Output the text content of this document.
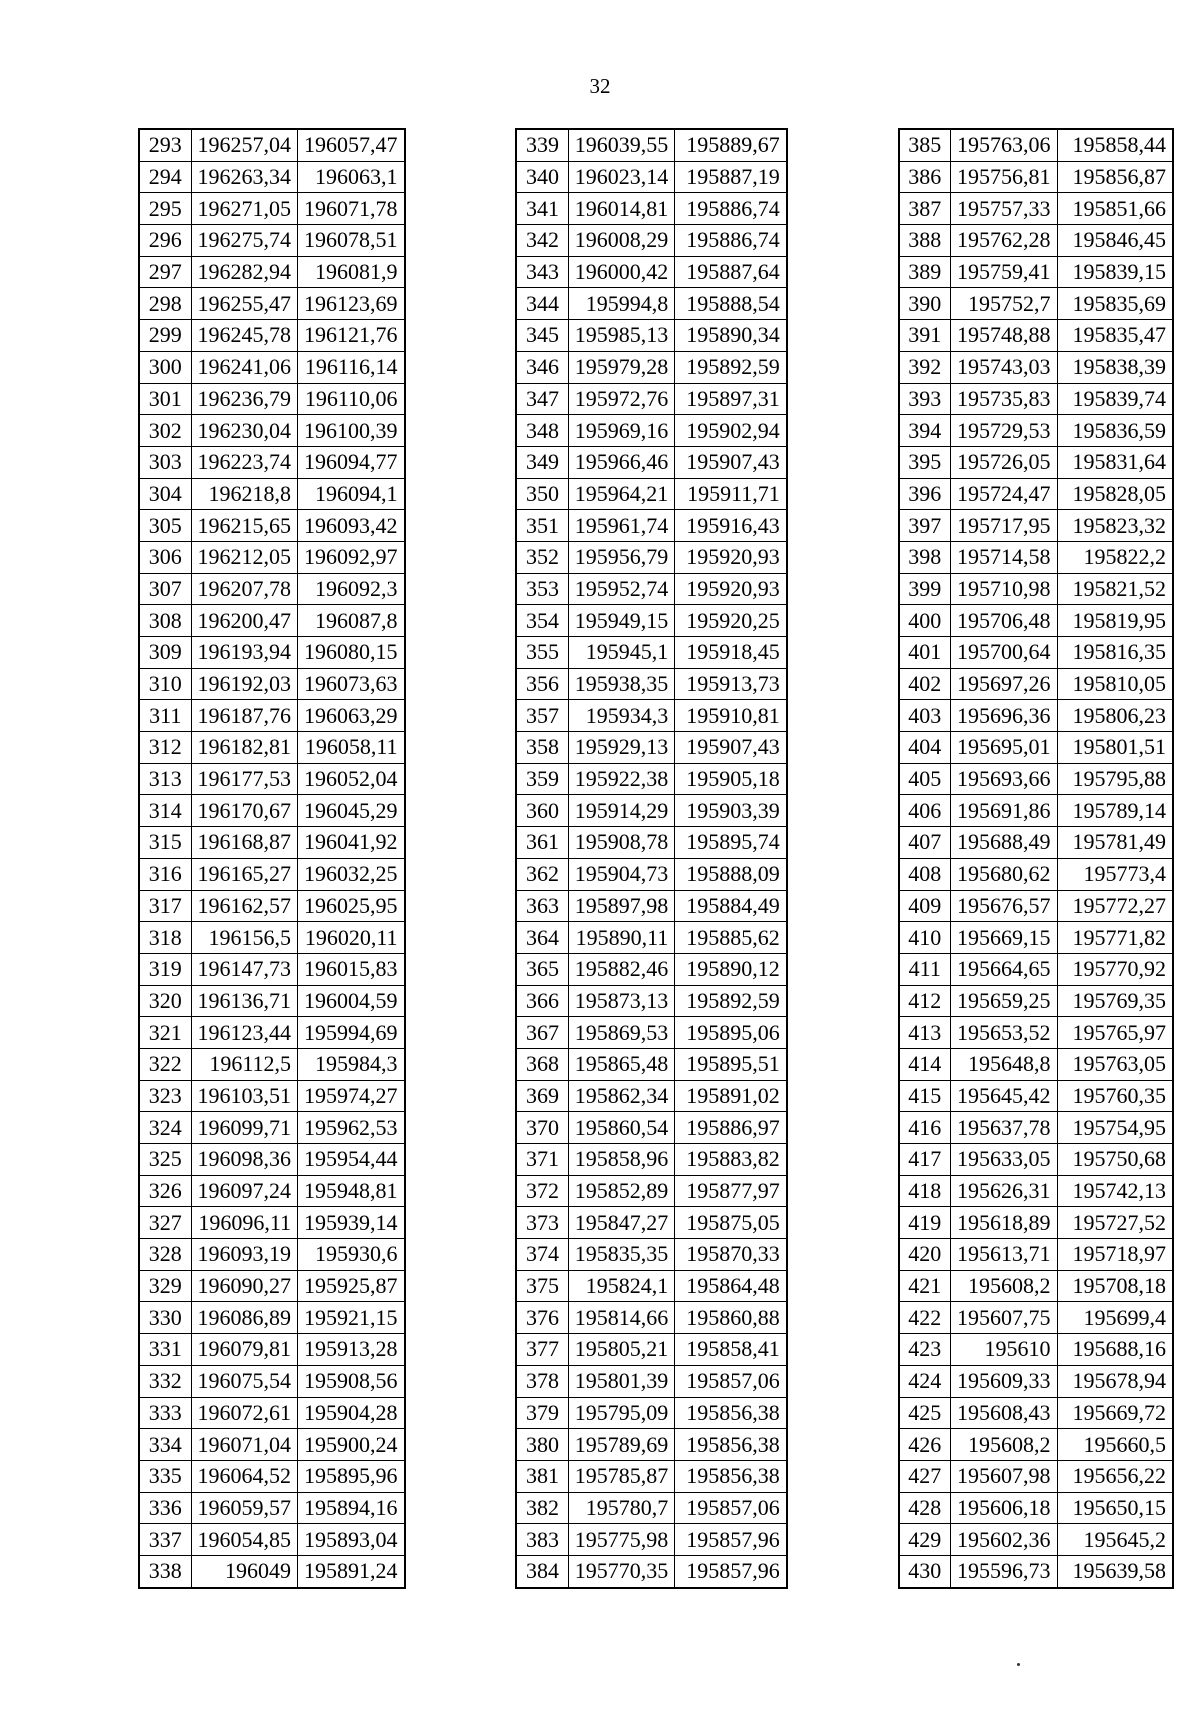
32
293	196257,04	196057,47
294	196263,34	196063,1
295	196271,05	196071,78
296	196275,74	196078,51
297	196282,94	196081,9
298	196255,47	196123,69
299	196245,78	196121,76
300	196241,06	196116,14
301	196236,79	196110,06
302	196230,04	196100,39
303	196223,74	196094,77
304	196218,8	196094,1
305	196215,65	196093,42
306	196212,05	196092,97
307	196207,78	196092,3
308	196200,47	196087,8
309	196193,94	196080,15
310	196192,03	196073,63
311	196187,76	196063,29
312	196182,81	196058,11
313	196177,53	196052,04
314	196170,67	196045,29
315	196168,87	196041,92
316	196165,27	196032,25
317	196162,57	196025,95
318	196156,5	196020,11
319	196147,73	196015,83
320	196136,71	196004,59
321	196123,44	195994,69
322	196112,5	195984,3
323	196103,51	195974,27
324	196099,71	195962,53
325	196098,36	195954,44
326	196097,24	195948,81
327	196096,11	195939,14
328	196093,19	195930,6
329	196090,27	195925,87
330	196086,89	195921,15
331	196079,81	195913,28
332	196075,54	195908,56
333	196072,61	195904,28
334	196071,04	195900,24
335	196064,52	195895,96
336	196059,57	195894,16
337	196054,85	195893,04
338	196049	195891,24
339	196039,55	195889,67
340	196023,14	195887,19
341	196014,81	195886,74
342	196008,29	195886,74
343	196000,42	195887,64
344	195994,8	195888,54
345	195985,13	195890,34
346	195979,28	195892,59
347	195972,76	195897,31
348	195969,16	195902,94
349	195966,46	195907,43
350	195964,21	195911,71
351	195961,74	195916,43
352	195956,79	195920,93
353	195952,74	195920,93
354	195949,15	195920,25
355	195945,1	195918,45
356	195938,35	195913,73
357	195934,3	195910,81
358	195929,13	195907,43
359	195922,38	195905,18
360	195914,29	195903,39
361	195908,78	195895,74
362	195904,73	195888,09
363	195897,98	195884,49
364	195890,11	195885,62
365	195882,46	195890,12
366	195873,13	195892,59
367	195869,53	195895,06
368	195865,48	195895,51
369	195862,34	195891,02
370	195860,54	195886,97
371	195858,96	195883,82
372	195852,89	195877,97
373	195847,27	195875,05
374	195835,35	195870,33
375	195824,1	195864,48
376	195814,66	195860,88
377	195805,21	195858,41
378	195801,39	195857,06
379	195795,09	195856,38
380	195789,69	195856,38
381	195785,87	195856,38
382	195780,7	195857,06
383	195775,98	195857,96
384	195770,35	195857,96
385	195763,06	195858,44
386	195756,81	195856,87
387	195757,33	195851,66
388	195762,28	195846,45
389	195759,41	195839,15
390	195752,7	195835,69
391	195748,88	195835,47
392	195743,03	195838,39
393	195735,83	195839,74
394	195729,53	195836,59
395	195726,05	195831,64
396	195724,47	195828,05
397	195717,95	195823,32
398	195714,58	195822,2
399	195710,98	195821,52
400	195706,48	195819,95
401	195700,64	195816,35
402	195697,26	195810,05
403	195696,36	195806,23
404	195695,01	195801,51
405	195693,66	195795,88
406	195691,86	195789,14
407	195688,49	195781,49
408	195680,62	195773,4
409	195676,57	195772,27
410	195669,15	195771,82
411	195664,65	195770,92
412	195659,25	195769,35
413	195653,52	195765,97
414	195648,8	195763,05
415	195645,42	195760,35
416	195637,78	195754,95
417	195633,05	195750,68
418	195626,31	195742,13
419	195618,89	195727,52
420	195613,71	195718,97
421	195608,2	195708,18
422	195607,75	195699,4
423	195610	195688,16
424	195609,33	195678,94
425	195608,43	195669,72
426	195608,2	195660,5
427	195607,98	195656,22
428	195606,18	195650,15
429	195602,36	195645,2
430	195596,73	195639,58
